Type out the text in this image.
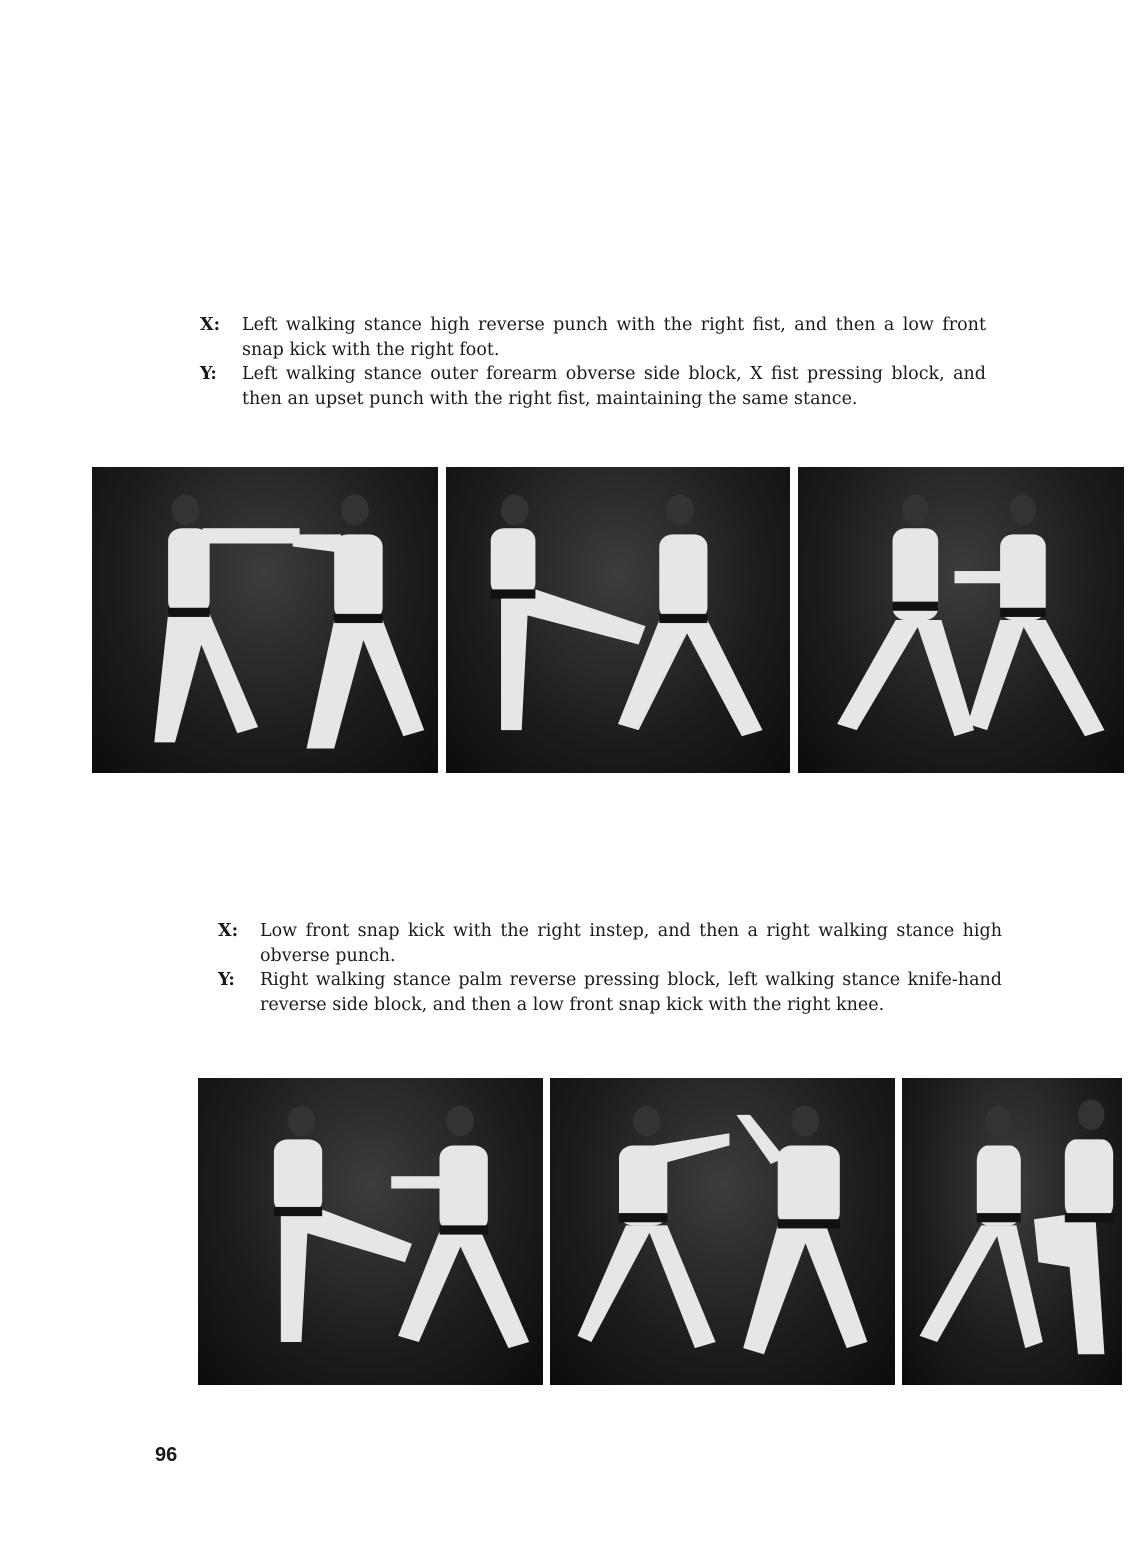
X:	Left walking stance high reverse punch with the right fist, and then a low front snap kick with the right foot.
Y:	Left walking stance outer forearm obverse side block, X fist pressing block, and then an upset punch with the right fist, maintaining the same stance.
X:	Low front snap kick with the right instep, and then a right walking stance high obverse punch.
Y:	Right walking stance palm reverse pressing block, left walking stance knife-hand reverse side block, and then a low front snap kick with the right knee.
96
